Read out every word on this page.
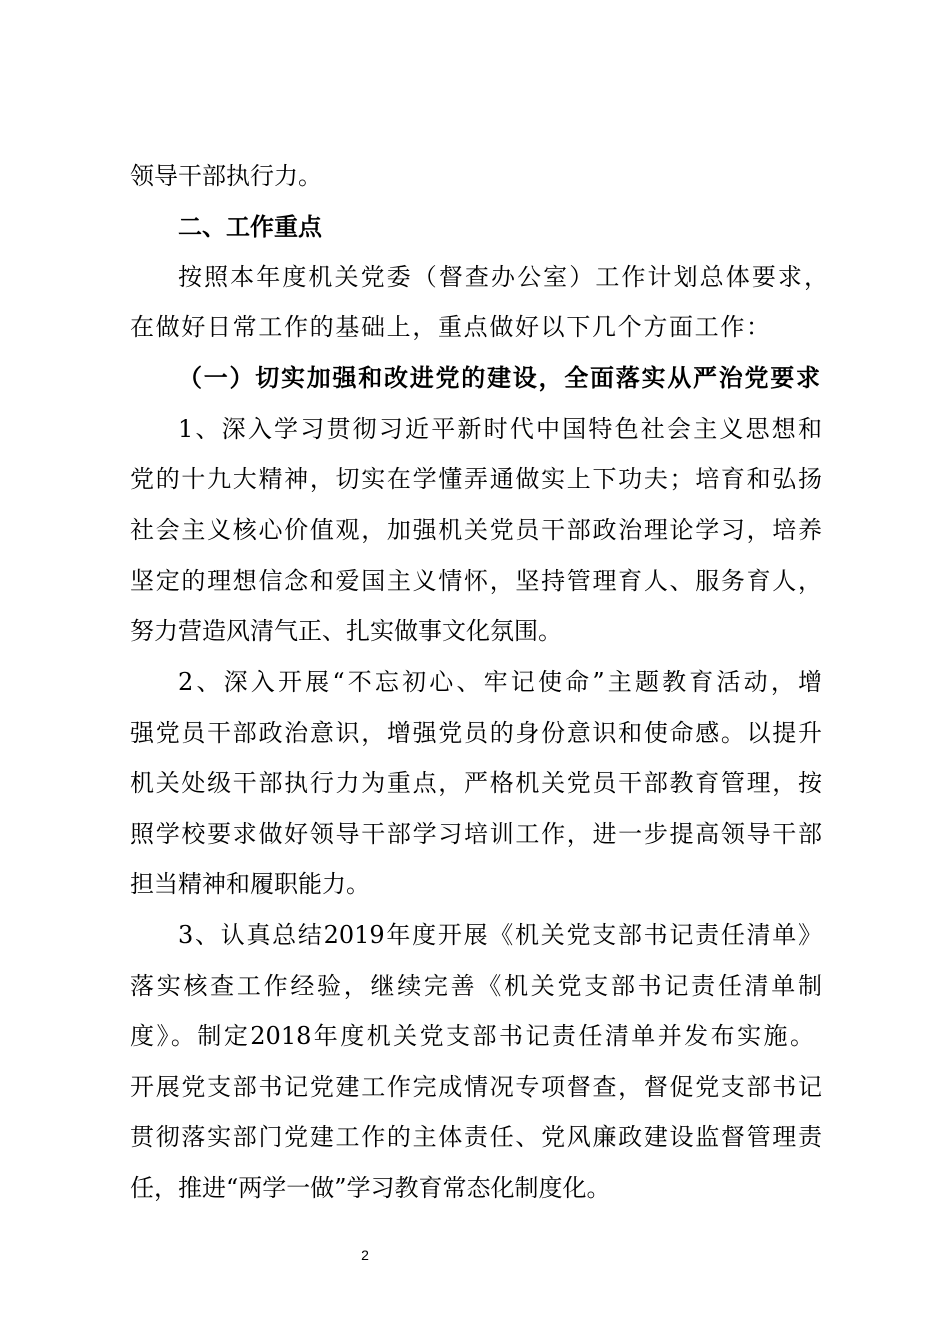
领导干部执行力。
二、工作重点
按照本年度机关党委（督查办公室）工作计划总体要求，
在做好日常工作的基础上，重点做好以下几个方面工作：
（一）切实加强和改进党的建设，全面落实从严治党要求
1、深入学习贯彻习近平新时代中国特色社会主义思想和
党的十九大精神，切实在学懂弄通做实上下功夫；培育和弘扬
社会主义核心价值观，加强机关党员干部政治理论学习，培养
坚定的理想信念和爱国主义情怀，坚持管理育人、服务育人，
努力营造风清气正、扎实做事文化氛围。
2、深入开展“不忘初心、牢记使命”主题教育活动，增
强党员干部政治意识，增强党员的身份意识和使命感。以提升
机关处级干部执行力为重点，严格机关党员干部教育管理，按
照学校要求做好领导干部学习培训工作，进一步提高领导干部
担当精神和履职能力。
3、认真总结2019年度开展《机关党支部书记责任清单》
落实核查工作经验，继续完善《机关党支部书记责任清单制
度》。制定2018年度机关党支部书记责任清单并发布实施。
开展党支部书记党建工作完成情况专项督查，督促党支部书记
贯彻落实部门党建工作的主体责任、党风廉政建设监督管理责
任，推进“两学一做”学习教育常态化制度化。
2
